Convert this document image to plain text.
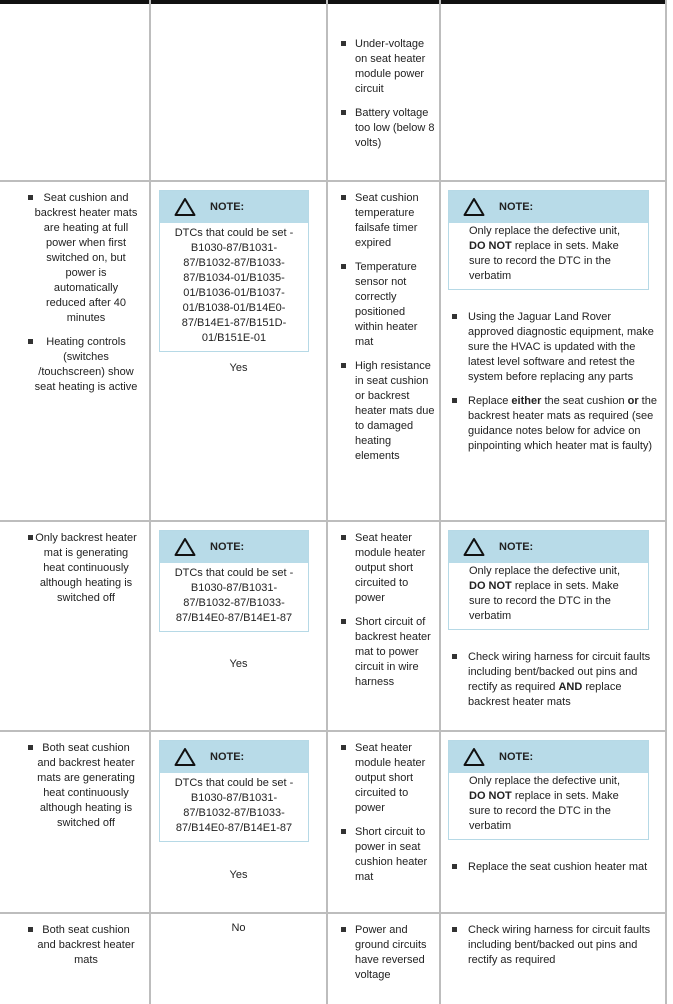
Under-voltage on seat heater module power circuit
Battery voltage too low (below 8 volts)
Seat cushion and backrest heater mats are heating at full power when first switched on, but power is automatically reduced after 40 minutes
Heating controls (switches /touchscreen) show seat heating is active
NOTE:
DTCs that could be set - B1030-87/B1031-87/B1032-87/B1033-87/B1034-01/B1035-01/B1036-01/B1037-01/B1038-01/B14E0-87/B14E1-87/B151D-01/B151E-01
Yes
Seat cushion temperature failsafe timer expired
Temperature sensor not correctly positioned within heater mat
High resistance in seat cushion or backrest heater mats due to damaged heating elements
NOTE:
Only replace the defective unit, DO NOT replace in sets. Make sure to record the DTC in the verbatim
Using the Jaguar Land Rover approved diagnostic equipment, make sure the HVAC is updated with the latest level software and retest the system before replacing any parts
Replace either the seat cushion or the backrest heater mats as required (see guidance notes below for advice on pinpointing which heater mat is faulty)
Only backrest heater mat is generating heat continuously although heating is switched off
NOTE:
DTCs that could be set - B1030-87/B1031-87/B1032-87/B1033-87/B14E0-87/B14E1-87
Yes
Seat heater module heater output short circuited to power
Short circuit of backrest heater mat to power circuit in wire harness
NOTE:
Only replace the defective unit, DO NOT replace in sets. Make sure to record the DTC in the verbatim
Check wiring harness for circuit faults including bent/backed out pins and rectify as required AND replace backrest heater mats
Both seat cushion and backrest heater mats are generating heat continuously although heating is switched off
NOTE:
DTCs that could be set - B1030-87/B1031-87/B1032-87/B1033-87/B14E0-87/B14E1-87
Yes
Seat heater module heater output short circuited to power
Short circuit to power in seat cushion heater mat
NOTE:
Only replace the defective unit, DO NOT replace in sets. Make sure to record the DTC in the verbatim
Replace the seat cushion heater mat
Both seat cushion and backrest heater mats
No	Power and ground circuits have reversed voltage
Check wiring harness for circuit faults including bent/backed out pins and rectify as required
